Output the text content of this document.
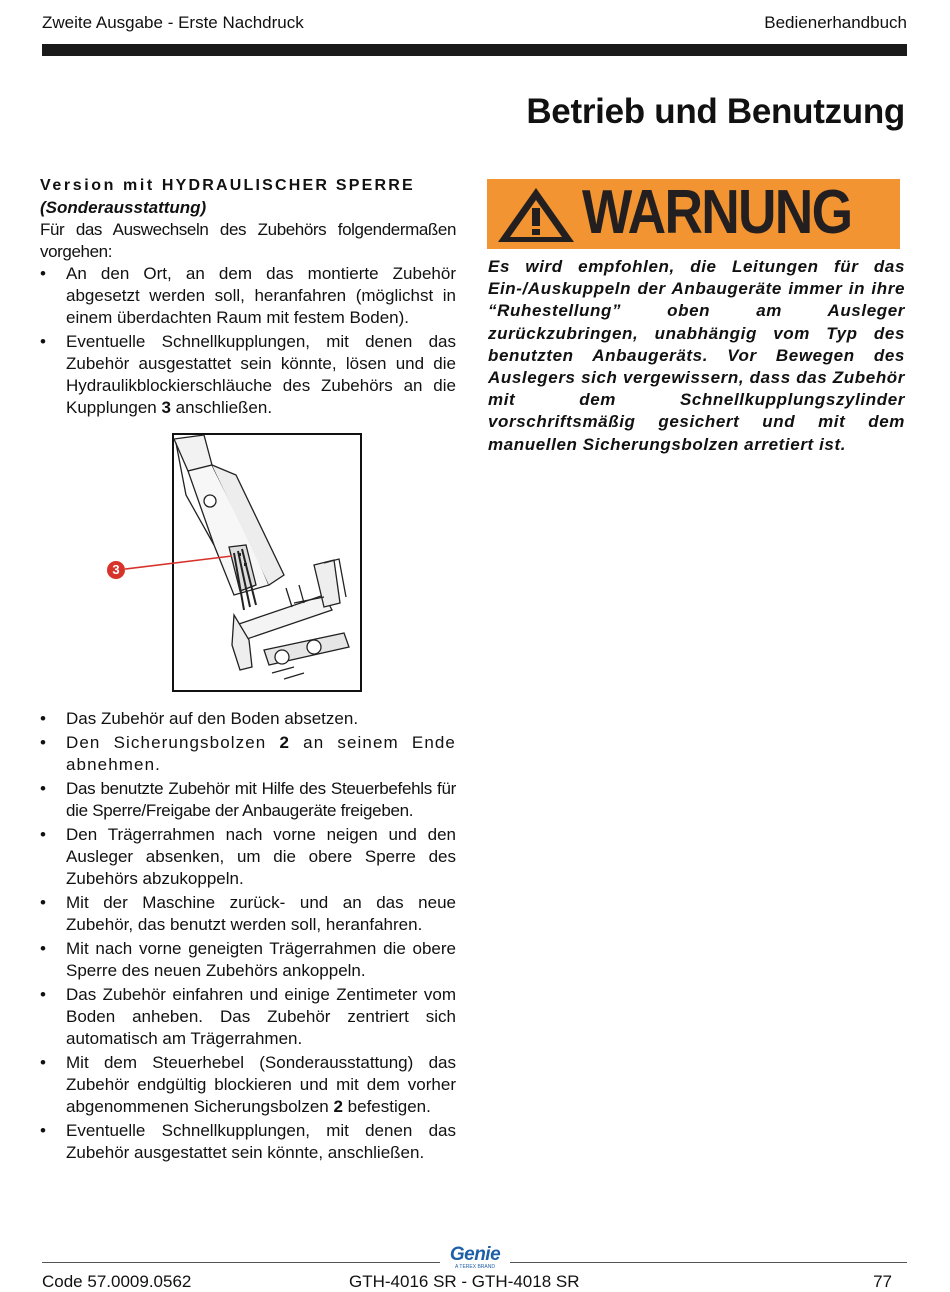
Zweite Ausgabe - Erste Nachdruck	Bedienerhandbuch
Betrieb und Benutzung
Version mit HYDRAULISCHER SPERRE
(Sonderausstattung)
Für das Auswechseln des Zubehörs folgendermaßen vorgehen:
• An den Ort, an dem das montierte Zubehör abgesetzt werden soll, heranfahren (möglichst in einem überdachten Raum mit festem Boden).
• Eventuelle Schnellkupplungen, mit denen das Zubehör ausgestattet sein könnte, lösen und die Hydraulikblockierschläuche des Zubehörs an die Kupplungen 3 anschließen.
3
• Das Zubehör auf den Boden absetzen.
• Den Sicherungsbolzen 2 an seinem Ende abnehmen.
• Das benutzte Zubehör mit Hilfe des Steuerbefehls für die Sperre/Freigabe der Anbaugeräte freigeben.
• Den Trägerrahmen nach vorne neigen und den Ausleger absenken, um die obere Sperre des Zubehörs abzukoppeln.
• Mit der Maschine zurück- und an das neue Zubehör, das benutzt werden soll, heranfahren.
• Mit nach vorne geneigten Trägerrahmen die obere Sperre des neuen Zubehörs ankoppeln.
• Das Zubehör einfahren und einige Zentimeter vom Boden anheben. Das Zubehör zentriert sich automatisch am Trägerrahmen.
• Mit dem Steuerhebel (Sonderausstattung) das Zubehör endgültig blockieren und mit dem vorher abgenommenen Sicherungsbolzen 2 befestigen.
• Eventuelle Schnellkupplungen, mit denen das Zubehör ausgestattet sein könnte, anschließen.
WARNUNG
Es wird empfohlen, die Leitungen für das Ein-/Auskuppeln der Anbaugeräte immer in ihre “Ruhestellung” oben am Ausleger zurückzubringen, unabhängig vom Typ des benutzten Anbaugeräts. Vor Bewegen des Auslegers sich vergewissern, dass das Zubehör mit dem Schnellkupplungszylinder vorschriftsmäßig gesichert und mit dem manuellen Sicherungsbolzen arretiert ist.
Genie
A TEREX BRAND
Code 57.0009.0562	GTH-4016 SR - GTH-4018 SR	77
